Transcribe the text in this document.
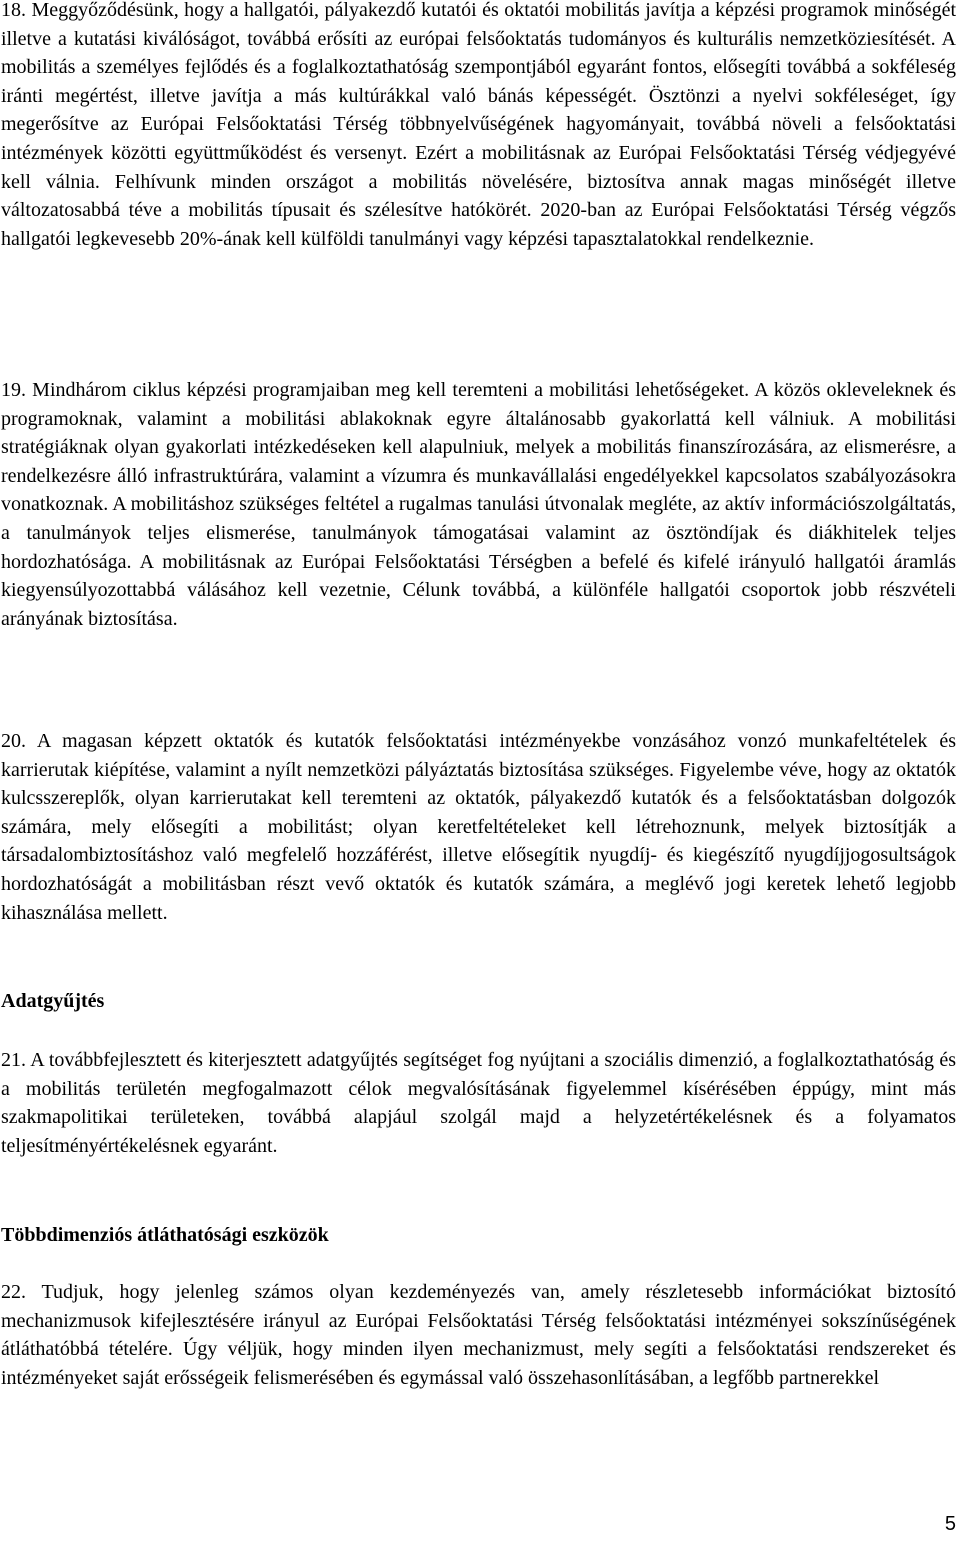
18. Meggyőződésünk, hogy a hallgatói, pályakezdő kutatói és oktatói mobilitás javítja a képzési programok minőségét illetve a kutatási kiválóságot, továbbá erősíti az európai felsőoktatás tudományos és kulturális nemzetköziesítését. A mobilitás a személyes fejlődés és a foglalkoztathatóság szempontjából egyaránt fontos, elősegíti továbbá a sokféleség iránti megértést, illetve javítja a más kultúrákkal való bánás képességét. Ösztönzi a nyelvi sokféleséget, így megerősítve az Európai Felsőoktatási Térség többnyelvűségének hagyományait, továbbá növeli a felsőoktatási intézmények közötti együttműködést és versenyt. Ezért a mobilitásnak az Európai Felsőoktatási Térség védjegyévé kell válnia. Felhívunk minden országot a mobilitás növelésére, biztosítva annak magas minőségét illetve változatosabbá téve a mobilitás típusait és szélesítve hatókörét. 2020-ban az Európai Felsőoktatási Térség végzős hallgatói legkevesebb 20%-ának kell külföldi tanulmányi vagy képzési tapasztalatokkal rendelkeznie.

19. Mindhárom ciklus képzési programjaiban meg kell teremteni a mobilitási lehetőségeket. A közös okleveleknek és programoknak, valamint a mobilitási ablakoknak egyre általánosabb gyakorlattá kell válniuk. A mobilitási stratégiáknak olyan gyakorlati intézkedéseken kell alapulniuk, melyek a mobilitás finanszírozására, az elismerésre, a rendelkezésre álló infrastruktúrára, valamint a vízumra és munkavállalási engedélyekkel kapcsolatos szabályozásokra vonatkoznak. A mobilitáshoz szükséges feltétel a rugalmas tanulási útvonalak megléte, az aktív információszolgáltatás, a tanulmányok teljes elismerése, tanulmányok támogatásai valamint az ösztöndíjak és diákhitelek teljes hordozhatósága. A mobilitásnak az Európai Felsőoktatási Térségben a befelé és kifelé irányuló hallgatói áramlás kiegyensúlyozottabbá válásához kell vezetnie, Célunk továbbá, a különféle hallgatói csoportok jobb részvételi arányának biztosítása.

20. A magasan képzett oktatók és kutatók felsőoktatási intézményekbe vonzásához vonzó munkafeltételek és karrierutak kiépítése, valamint a nyílt nemzetközi pályáztatás biztosítása szükséges. Figyelembe véve, hogy az oktatók kulcsszereplők, olyan karrierutakat kell teremteni az oktatók, pályakezdő kutatók és a felsőoktatásban dolgozók számára, mely elősegíti a mobilitást; olyan keretfeltételeket kell létrehoznunk, melyek biztosítják a társadalombiztosításhoz való megfelelő hozzáférést, illetve elősegítik nyugdíj- és kiegészítő nyugdíjjogosultságok hordozhatóságát a mobilitásban részt vevő oktatók és kutatók számára, a meglévő jogi keretek lehető legjobb kihasználása mellett.

Adatgyűjtés

21. A továbbfejlesztett és kiterjesztett adatgyűjtés segítséget fog nyújtani a szociális dimenzió, a foglalkoztathatóság és a mobilitás területén megfogalmazott célok megvalósításának figyelemmel kísérésében éppúgy, mint más szakmapolitikai területeken, továbbá alapjául szolgál majd a helyzetértékelésnek és a folyamatos teljesítményértékelésnek egyaránt.

Többdimenziós átláthatósági eszközök

22. Tudjuk, hogy jelenleg számos olyan kezdeményezés van, amely részletesebb információkat biztosító mechanizmusok kifejlesztésére irányul az Európai Felsőoktatási Térség felsőoktatási intézményei sokszínűségének átláthatóbbá tételére. Úgy véljük, hogy minden ilyen mechanizmust, mely segíti a felsőoktatási rendszereket és intézményeket saját erősségeik felismerésében és egymással való összehasonlításában, a legfőbb partnerekkel

5
